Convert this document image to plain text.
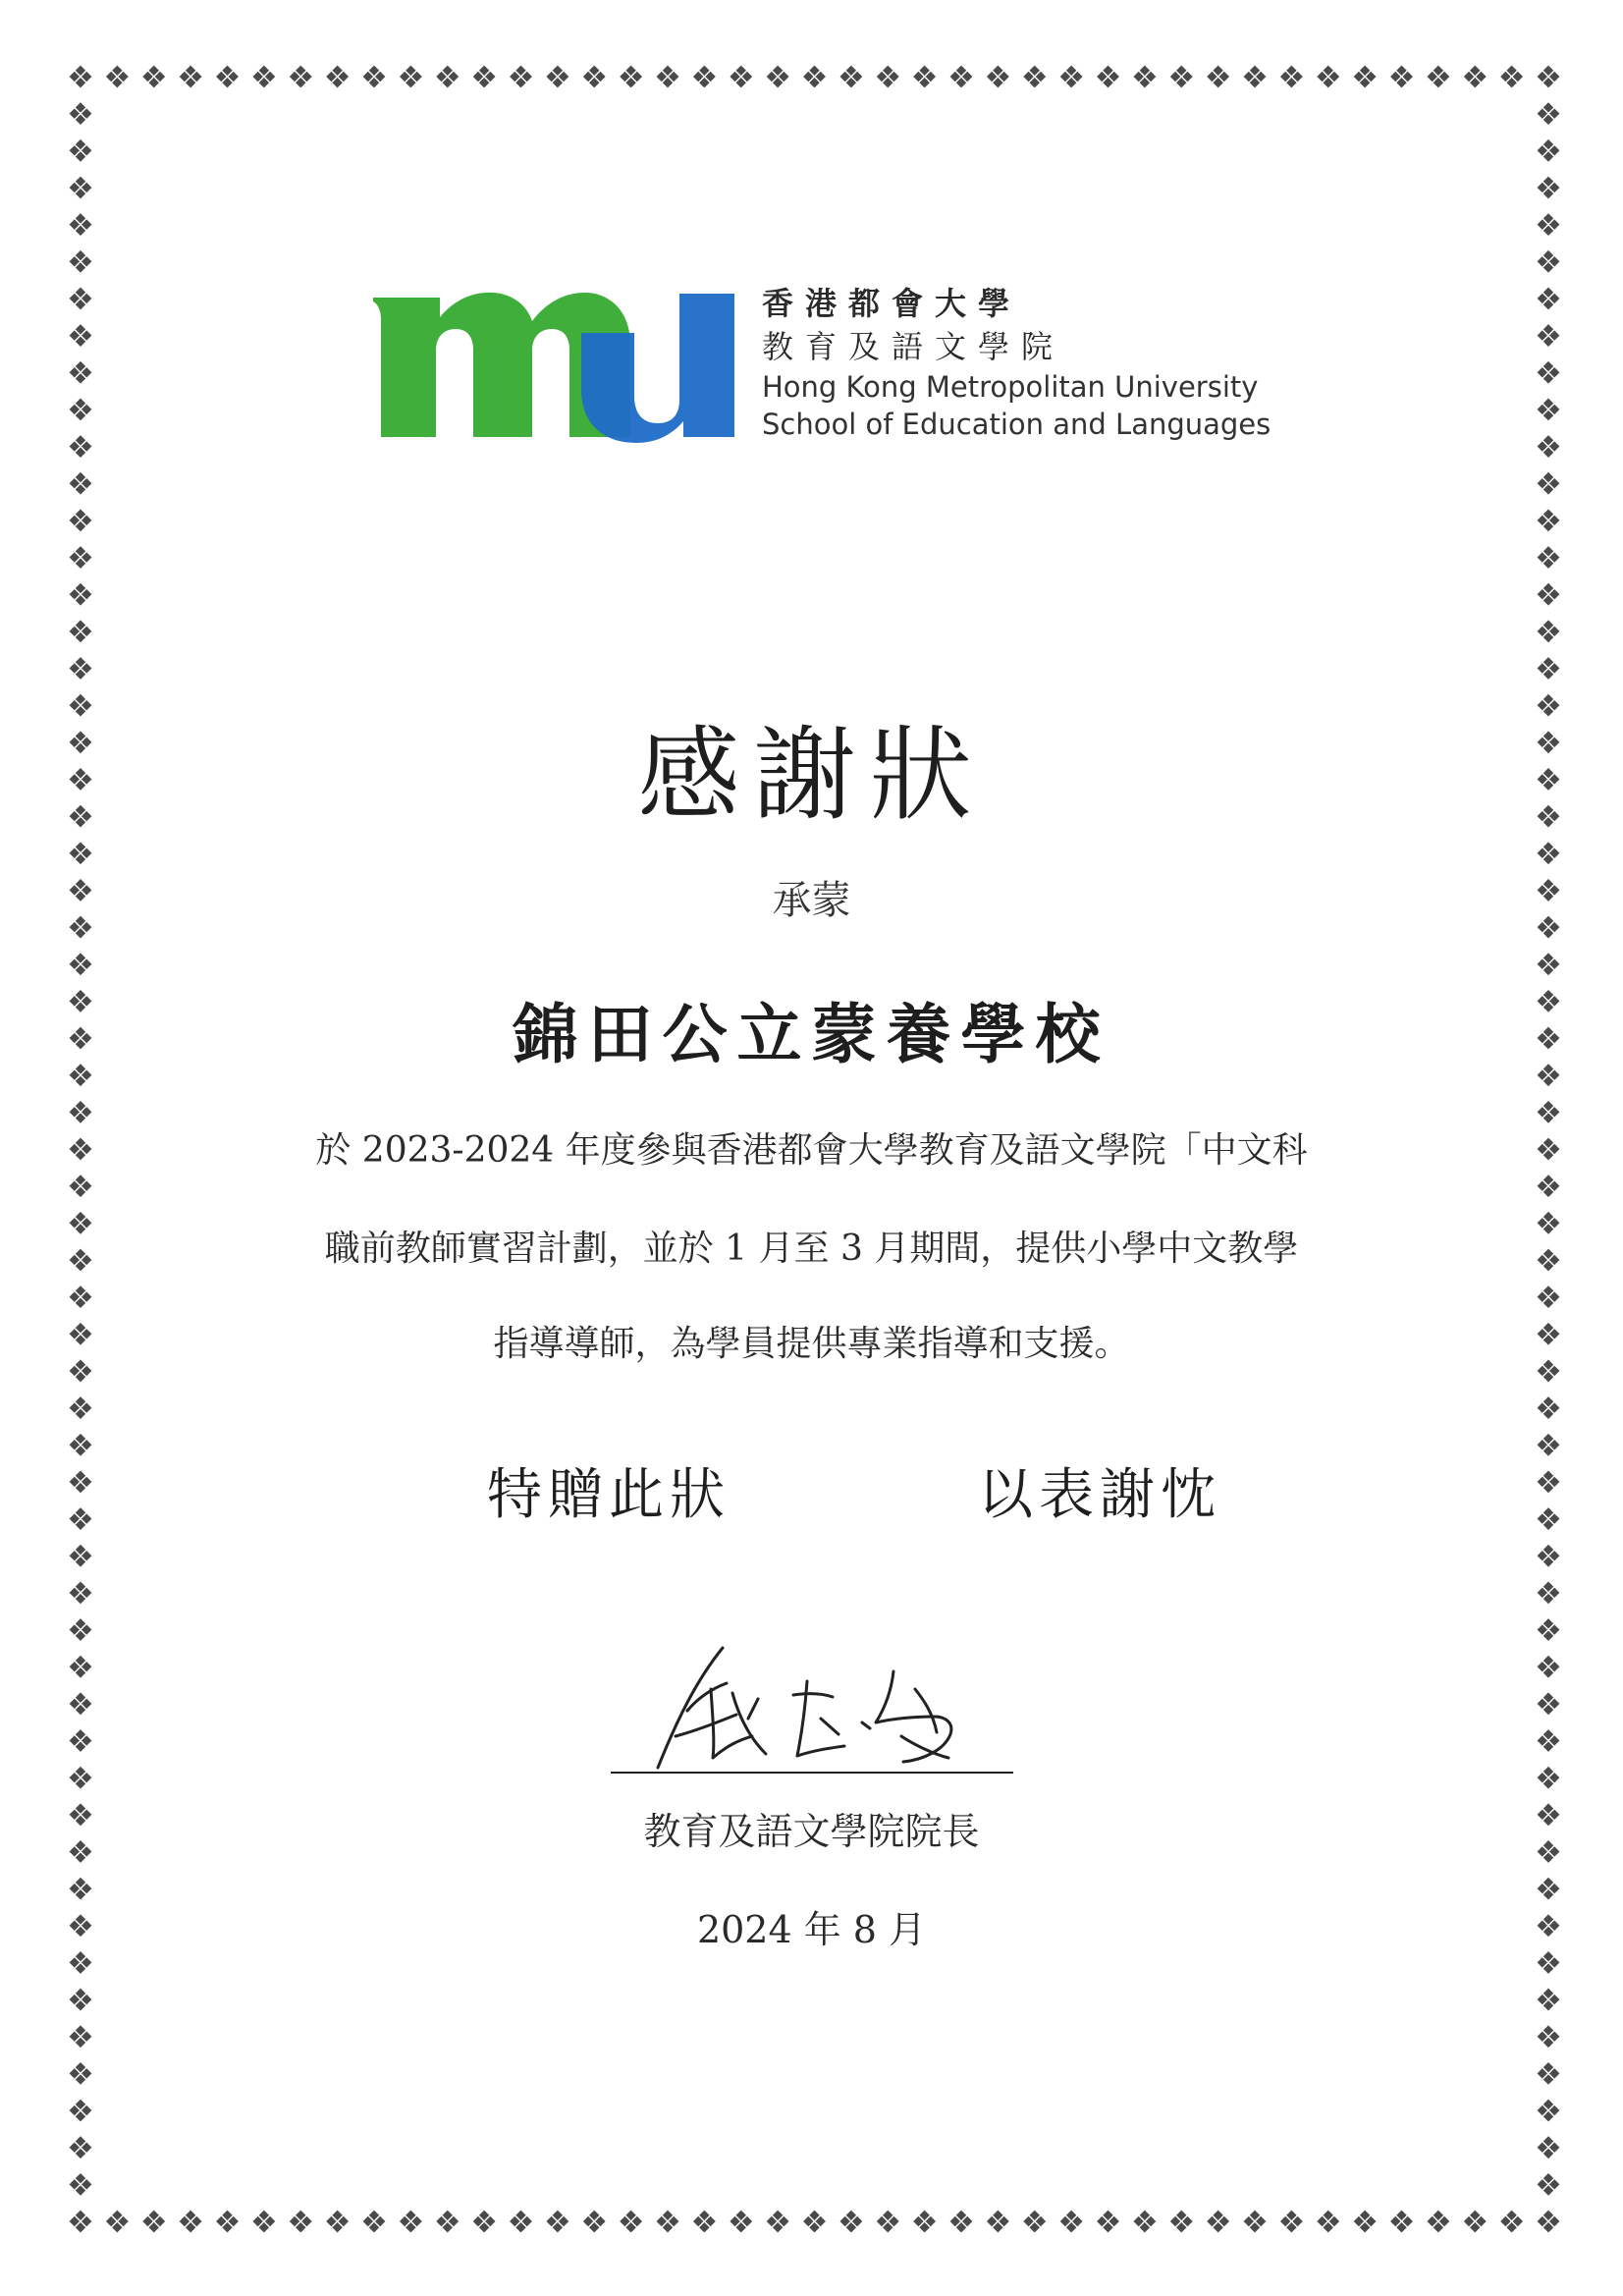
香港都會大學
教育及語文學院
Hong Kong Metropolitan University
School of Education and Languages
感謝狀
承蒙
錦田公立蒙養學校
於 2023-2024 年度參與香港都會大學教育及語文學院「中文科
職前教師實習計劃，並於 1 月至 3 月期間，提供小學中文教學
指導導師，為學員提供專業指導和支援。
特贈此狀	以表謝忱
教育及語文學院院長
2024 年 8 月
